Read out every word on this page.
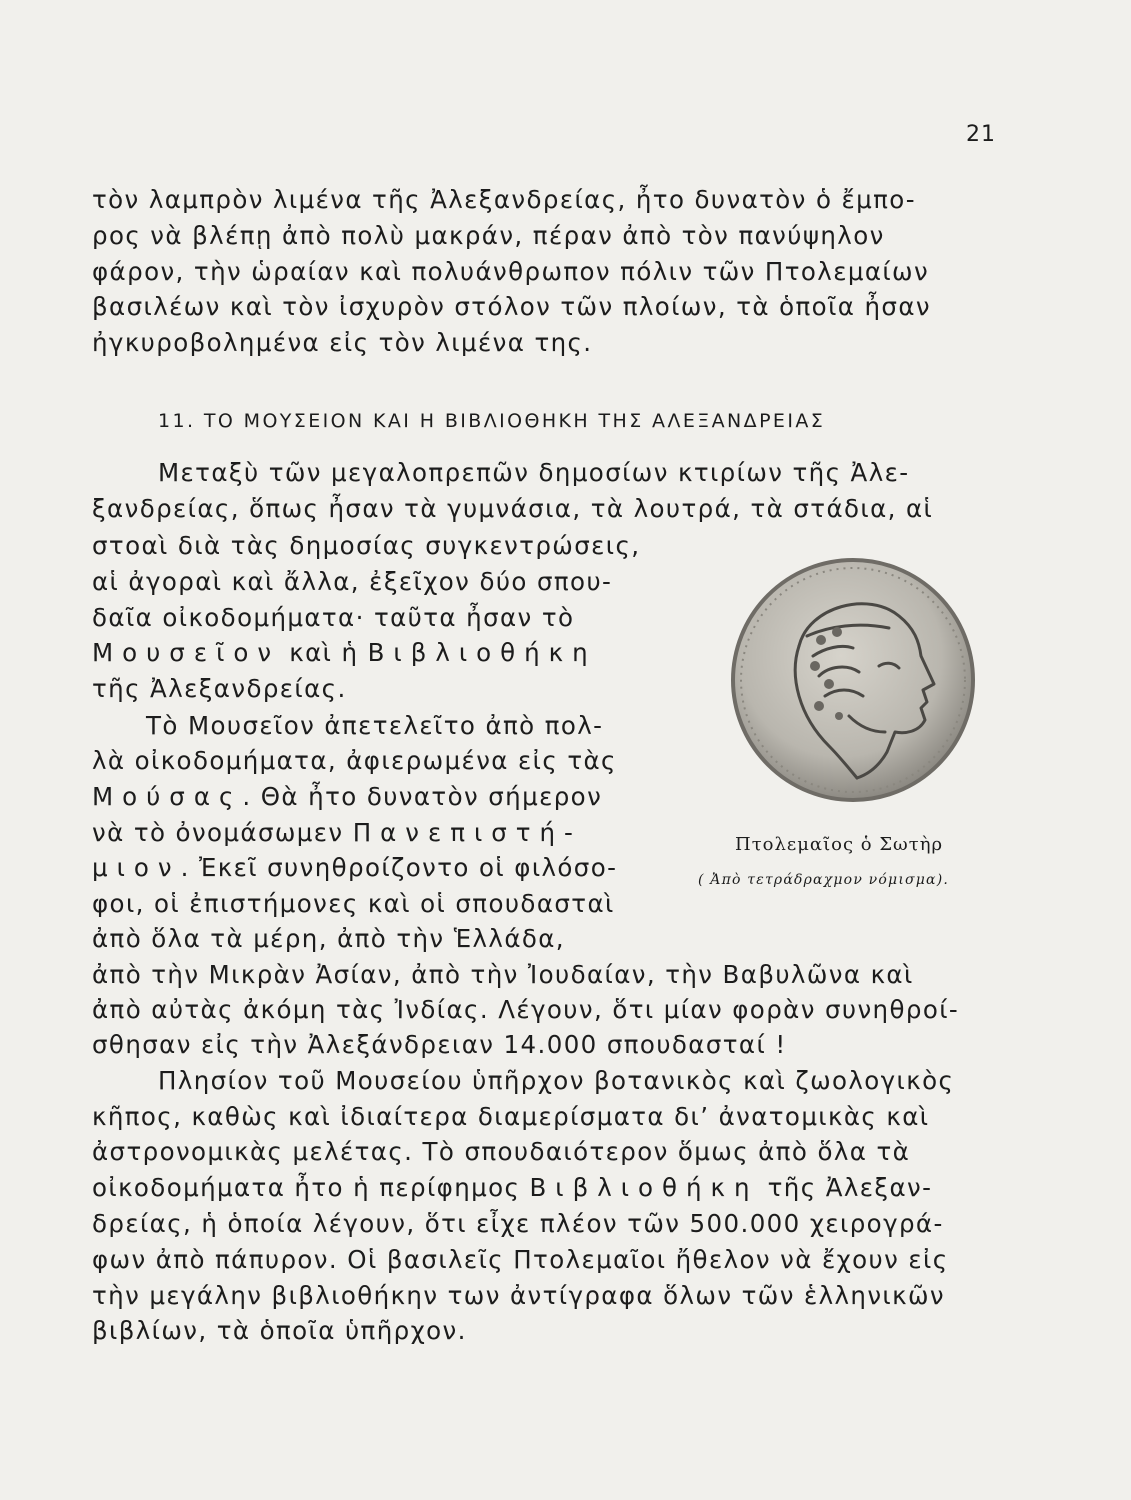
21
τὸν λαμπρὸν λιμένα τῆς Ἀλεξανδρείας, ἦτο δυνατὸν ὁ ἔμπο-
ρος νὰ βλέπῃ ἀπὸ πολὺ μακράν, πέραν ἀπὸ τὸν πανύψηλον
φάρον, τὴν ὡραίαν καὶ πολυάνθρωπον πόλιν τῶν Πτολεμαίων
βασιλέων καὶ τὸν ἰσχυρὸν στόλον τῶν πλοίων, τὰ ὁποῖα ἦσαν
ἠγκυροβολημένα εἰς τὸν λιμένα της.
11. ΤΟ ΜΟΥΣΕΙΟΝ ΚΑΙ Η ΒΙΒΛΙΟΘΗΚΗ ΤΗΣ ΑΛΕΞΑΝΔΡΕΙΑΣ
Μεταξὺ τῶν μεγαλοπρεπῶν δημοσίων κτιρίων τῆς Ἀλε-
ξανδρείας, ὅπως ἦσαν τὰ γυμνάσια, τὰ λουτρά, τὰ στάδια, αἱ
στοαὶ διὰ τὰς δημοσίας συγκεντρώσεις,
αἱ ἀγοραὶ καὶ ἄλλα, ἐξεῖχον δύο σπου-
δαῖα οἰκοδομήματα· ταῦτα ἦσαν τὸ
Μουσεῖον καὶ ἡ Βιβλιοθήκη
τῆς Ἀλεξανδρείας.
Τὸ Μουσεῖον ἀπετελεῖτο ἀπὸ πολ-
λὰ οἰκοδομήματα, ἀφιερωμένα εἰς τὰς
Μούσας. Θὰ ἦτο δυνατὸν σήμερον
νὰ τὸ ὀνομάσωμεν Πανεπιστή-
μιον. Ἐκεῖ συνηθροίζοντο οἱ φιλόσο-
φοι, οἱ ἐπιστήμονες καὶ οἱ σπουδασταὶ
ἀπὸ ὅλα τὰ μέρη, ἀπὸ τὴν Ἑλλάδα,
ἀπὸ τὴν Μικρὰν Ἀσίαν, ἀπὸ τὴν Ἰουδαίαν, τὴν Βαβυλῶνα καὶ
ἀπὸ αὐτὰς ἀκόμη τὰς Ἰνδίας. Λέγουν, ὅτι μίαν φορὰν συνηθροί-
σθησαν εἰς τὴν Ἀλεξάνδρειαν 14.000 σπουδασταί !
Πλησίον τοῦ Μουσείου ὑπῆρχον βοτανικὸς καὶ ζωολογικὸς
κῆπος, καθὼς καὶ ἰδιαίτερα διαμερίσματα δι’ ἀνατομικὰς καὶ
ἀστρονομικὰς μελέτας. Τὸ σπουδαιότερον ὅμως ἀπὸ ὅλα τὰ
οἰκοδομήματα ἦτο ἡ περίφημος Βιβλιοθήκη τῆς Ἀλεξαν-
δρείας, ἡ ὁποία λέγουν, ὅτι εἶχε πλέον τῶν 500.000 χειρογρά-
φων ἀπὸ πάπυρον. Οἱ βασιλεῖς Πτολεμαῖοι ἤθελον νὰ ἔχουν εἰς
τὴν μεγάλην βιβλιοθήκην των ἀντίγραφα ὅλων τῶν ἑλληνικῶν
βιβλίων, τὰ ὁποῖα ὑπῆρχον.
Πτολεμαῖος ὁ Σωτὴρ
( Ἀπὸ τετράδραχμον νόμισμα).
